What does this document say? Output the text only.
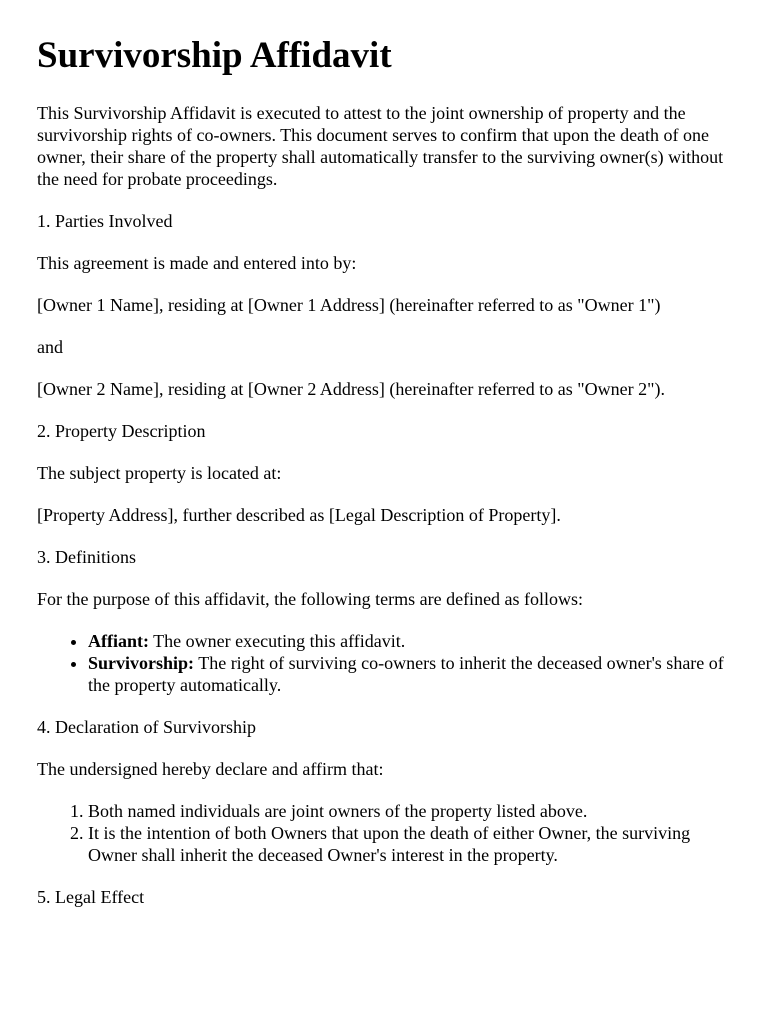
Survivorship Affidavit

This Survivorship Affidavit is executed to attest to the joint ownership of property and the survivorship rights of co-owners. This document serves to confirm that upon the death of one owner, their share of the property shall automatically transfer to the surviving owner(s) without the need for probate proceedings.

1. Parties Involved

This agreement is made and entered into by:

[Owner 1 Name], residing at [Owner 1 Address] (hereinafter referred to as "Owner 1")

and

[Owner 2 Name], residing at [Owner 2 Address] (hereinafter referred to as "Owner 2").

2. Property Description

The subject property is located at:

[Property Address], further described as [Legal Description of Property].

3. Definitions

For the purpose of this affidavit, the following terms are defined as follows:

• Affiant: The owner executing this affidavit.
• Survivorship: The right of surviving co-owners to inherit the deceased owner's share of the property automatically.

4. Declaration of Survivorship

The undersigned hereby declare and affirm that:

1. Both named individuals are joint owners of the property listed above.
2. It is the intention of both Owners that upon the death of either Owner, the surviving Owner shall inherit the deceased Owner's interest in the property.

5. Legal Effect
